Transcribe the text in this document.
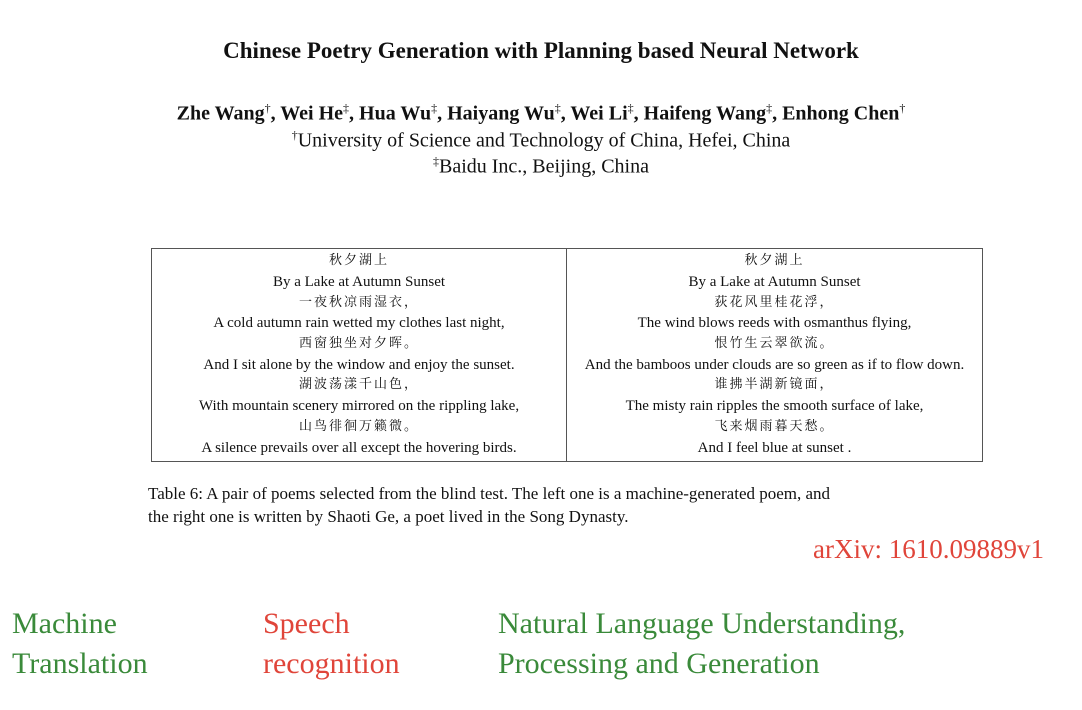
Chinese Poetry Generation with Planning based Neural Network
Zhe Wang†, Wei He‡, Hua Wu‡, Haiyang Wu‡, Wei Li‡, Haifeng Wang‡, Enhong Chen†
†University of Science and Technology of China, Hefei, China
‡Baidu Inc., Beijing, China
秋夕湖上
By a Lake at Autumn Sunset
一夜秋凉雨湿衣，
A cold autumn rain wetted my clothes last night,
西窗独坐对夕晖。
And I sit alone by the window and enjoy the sunset.
湖波荡漾千山色，
With mountain scenery mirrored on the rippling lake,
山鸟徘徊万籁微。
A silence prevails over all except the hovering birds.
秋夕湖上
By a Lake at Autumn Sunset
荻花风里桂花浮，
The wind blows reeds with osmanthus flying,
恨竹生云翠欲流。
And the bamboos under clouds are so green as if to flow down.
谁拂半湖新镜面，
The misty rain ripples the smooth surface of lake,
飞来烟雨暮天愁。
And I feel blue at sunset .
Table 6: A pair of poems selected from the blind test. The left one is a machine-generated poem, and
the right one is written by Shaoti Ge, a poet lived in the Song Dynasty.
arXiv: 1610.09889v1
Machine
Translation
Speech
recognition
Natural Language Understanding,
Processing and Generation
